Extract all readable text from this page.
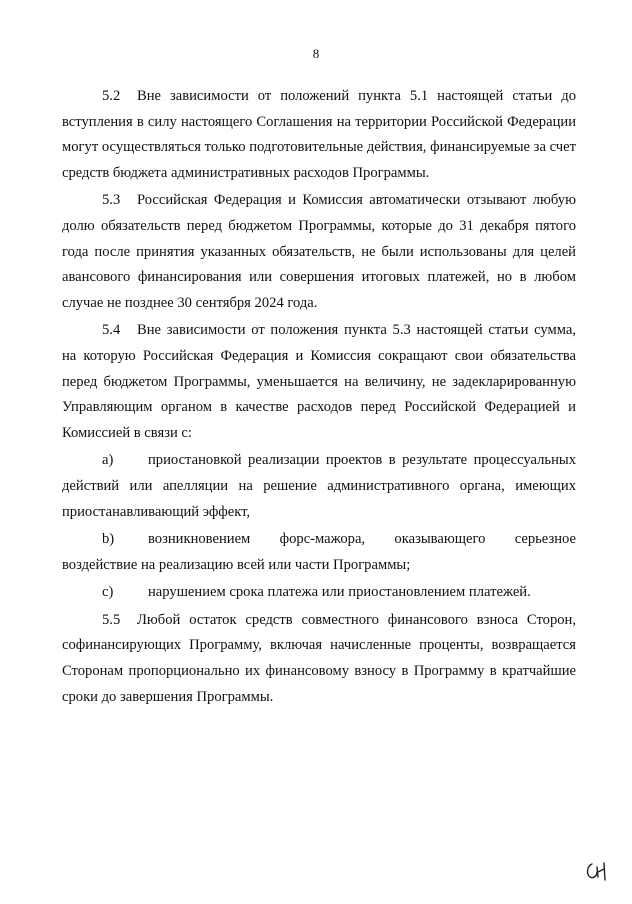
8

5.2 Вне зависимости от положений пункта 5.1 настоящей статьи до вступления в силу настоящего Соглашения на территории Российской Федерации могут осуществляться только подготовительные действия, финансируемые за счет средств бюджета административных расходов Программы.

5.3 Российская Федерация и Комиссия автоматически отзывают любую долю обязательств перед бюджетом Программы, которые до 31 декабря пятого года после принятия указанных обязательств, не были использованы для целей авансового финансирования или совершения итоговых платежей, но в любом случае не позднее 30 сентября 2024 года.

5.4 Вне зависимости от положения пункта 5.3 настоящей статьи сумма, на которую Российская Федерация и Комиссия сокращают свои обязательства перед бюджетом Программы, уменьшается на величину, не задекларированную Управляющим органом в качестве расходов перед Российской Федерацией и Комиссией в связи с:

a) приостановкой реализации проектов в результате процессуальных действий или апелляции на решение административного органа, имеющих приостанавливающий эффект,

b) возникновением форс-мажора, оказывающего серьезное воздействие на реализацию всей или части Программы;

c) нарушением срока платежа или приостановлением платежей.

5.5 Любой остаток средств совместного финансового взноса Сторон, софинансирующих Программу, включая начисленные проценты, возвращается Сторонам пропорционально их финансовому взносу в Программу в кратчайшие сроки до завершения Программы.
